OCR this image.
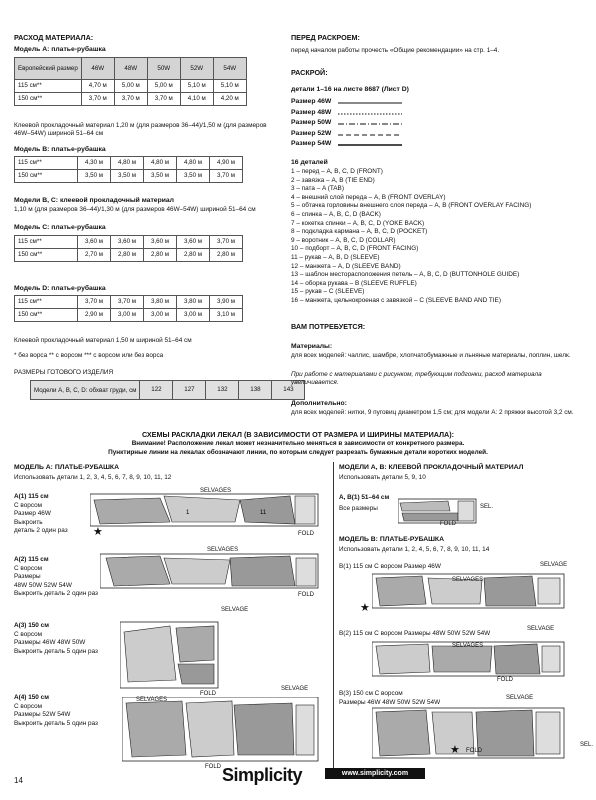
РАСХОД МАТЕРИАЛА:
Модель A: платье-рубашка
Европейский размер	46W	48W	50W	52W	54W
115 см**	4,70 м	5,00 м	5,00 м	5,10 м	5,10 м
150 см**	3,70 м	3,70 м	3,70 м	4,10 м	4,20 м
Клеевой прокладочный материал 1,20 м (для размеров 36–44)/1,50 м (для размеров 46W–54W) шириной 51–64 см
Модель B: платье-рубашка
115 см**	4,30 м	4,80 м	4,80 м	4,80 м	4,90 м
150 см**	3,50 м	3,50 м	3,50 м	3,50 м	3,70 м
Модели B, C: клеевой прокладочный материал
1,10 м (для размеров 36–44)/1,30 м (для размеров 46W–54W) шириной 51–64 см
Модель C: платье-рубашка
115 см**	3,60 м	3,60 м	3,60 м	3,60 м	3,70 м
150 см**	2,70 м	2,80 м	2,80 м	2,80 м	2,80 м
Модель D: платье-рубашка
115 см**	3,70 м	3,70 м	3,80 м	3,80 м	3,90 м
150 см**	2,90 м	3,00 м	3,00 м	3,00 м	3,10 м
Клеевой прокладочный материал 1,50 м шириной 51–64 см
* без ворса ** с ворсом *** с ворсом или без ворса
РАЗМЕРЫ ГОТОВОГО ИЗДЕЛИЯ
Модели A, B, C, D: обхват груди, см	122	127	132	138	143
ПЕРЕД РАСКРОЕМ:
перед началом работы прочесть «Общие рекомендации» на стр. 1–4.
РАСКРОЙ:
детали 1–16 на листе 8687 (Лист D)
Размер 46W
Размер 48W
Размер 50W
Размер 52W
Размер 54W
16 деталей
1 – перед – A, B, C, D (FRONT)
2 – завязка – A, B (TIE END)
3 – пата – A (TAB)
4 – внешний слой переда – A, B (FRONT OVERLAY)
5 – обтачка горловины внешнего слоя переда – A, B (FRONT OVERLAY FACING)
6 – спинка – A, B, C, D (BACK)
7 – кокетка спинки – A, B, C, D (YOKE BACK)
8 – подкладка кармана – A, B, C, D (POCKET)
9 – воротник – A, B, C, D (COLLAR)
10 – подборт – A, B, C, D (FRONT FACING)
11 – рукав – A, B, D (SLEEVE)
12 – манжета – A, D (SLEEVE BAND)
13 – шаблон месторасположения петель – A, B, C, D (BUTTONHOLE GUIDE)
14 – оборка рукава – B (SLEEVE RUFFLE)
15 – рукав – C (SLEEVE)
16 – манжета, цельнокроеная с завязкой – C (SLEEVE BAND AND TIE)
ВАМ ПОТРЕБУЕТСЯ:
Материалы:
для всех моделей: чаллис, шамбре, хлопчатобумажные и льняные материалы, поплин, шелк.
При работе с материалами с рисунком, требующим подгонки, расход материала увеличивается.
Дополнительно:
для всех моделей: нитки, 9 пуговиц диаметром 1,5 см; для модели A: 2 пряжки высотой 3,2 см.
СХЕМЫ РАСКЛАДКИ ЛЕКАЛ (В ЗАВИСИМОСТИ ОТ РАЗМЕРА И ШИРИНЫ МАТЕРИАЛА):
Внимание! Расположение лекал может незначительно меняться в зависимости от конкретного размера.
Пунктирные линии на лекалах обозначают линии, по которым следует разрезать бумажные детали коротких моделей.
МОДЕЛЬ A: ПЛАТЬЕ-РУБАШКА
Использовать детали 1, 2, 3, 4, 5, 6, 7, 8, 9, 10, 11, 12
A(1) 115 см
С ворсом
Размер 46W
Выкроить
деталь 2 один раз
1	11
SELVAGES
FOLD
★
A(2) 115 см
С ворсом
Размеры
48W 50W 52W 54W
Выкроить деталь 2 один раз
SELVAGES
FOLD
A(3) 150 см
С ворсом
Размеры 46W 48W 50W
Выкроить деталь 5 один раз
SELVAGE
FOLD
A(4) 150 см
С ворсом
Размеры 52W 54W
Выкроить деталь 5 один раз
SELVAGE
SELVAGES
FOLD
МОДЕЛИ A, B: КЛЕЕВОЙ ПРОКЛАДОЧНЫЙ МАТЕРИАЛ
Использовать детали 5, 9, 10
A, B(1) 51–64 см
Все размеры	SEL.
FOLD
МОДЕЛЬ B: ПЛАТЬЕ-РУБАШКА
Использовать детали 1, 2, 4, 5, 6, 7, 8, 9, 10, 11, 14
B(1) 115 см С ворсом Размер 46W	SELVAGE
SELVAGES
★
B(2) 115 см С ворсом Размеры 48W 50W 52W 54W
SELVAGE
SELVAGES
FOLD
B(3) 150 см С ворсом
Размеры 46W 48W 50W 52W 54W
SELVAGE
SEL.
FOLD
★
14	Simplicity	www.simplicity.com
